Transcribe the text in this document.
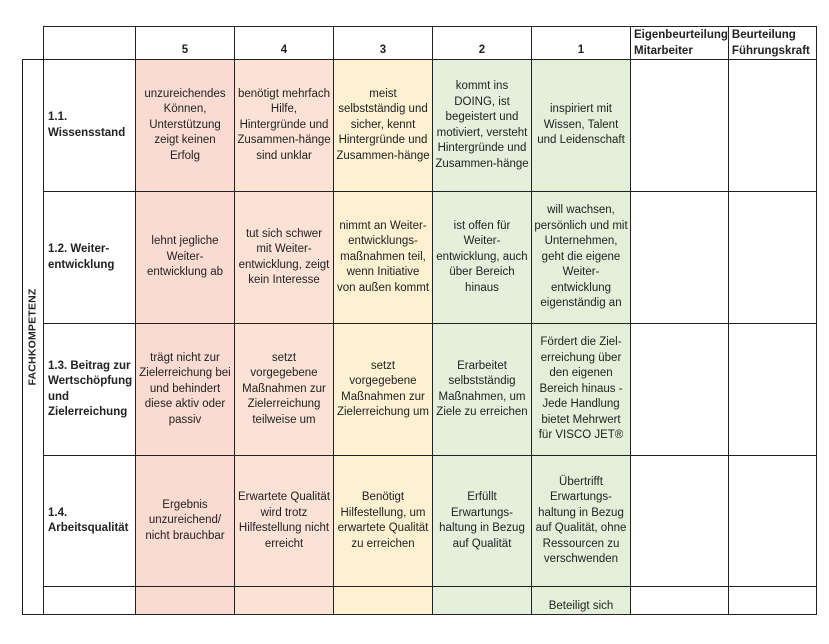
		5	4	3	2	1	Eigenbeurteilung Mitarbeiter	Beurteilung Führungskraft

FACHKOMPETENZ	1.1. Wissensstand	unzureichendes Können, Unterstützung zeigt keinen Erfolg	benötigt mehrfach Hilfe, Hintergründe und Zusammen-hänge sind unklar	meist selbstständig und sicher, kennt Hintergründe und Zusammen-hänge	kommt ins DOING, ist begeistert und motiviert, versteht Hintergründe und Zusammen-hänge	inspiriert mit Wissen, Talent und Leidenschaft		

	1.2. Weiter-entwicklung	lehnt jegliche Weiter-entwicklung ab	tut sich schwer mit Weiter-entwicklung, zeigt kein Interesse	nimmt an Weiter-entwicklungs-maßnahmen teil, wenn Initiative von außen kommt	ist offen für Weiter-entwicklung, auch über Bereich hinaus	will wachsen, persönlich und mit Unternehmen, geht die eigene Weiter-entwicklung eigenständig an		

	1.3. Beitrag zur Wertschöpfung und Zielerreichung	trägt nicht zur Zielerreichung bei und behindert diese aktiv oder passiv	setzt vorgegebene Maßnahmen zur Zielerreichung teilweise um	setzt vorgegebene Maßnahmen zur Zielerreichung um	Erarbeitet selbstständig Maßnahmen, um Ziele zu erreichen	Fördert die Ziel-erreichung über den eigenen Bereich hinaus - Jede Handlung bietet Mehrwert für VISCO JET®		

	1.4. Arbeitsqualität	Ergebnis unzureichend/ nicht brauchbar	Erwartete Qualität wird trotz Hilfestellung nicht erreicht	Benötigt Hilfestellung, um erwartete Qualität zu erreichen	Erfüllt Erwartungs-haltung in Bezug auf Qualität	Übertrifft Erwartungs-haltung in Bezug auf Qualität, ohne Ressourcen zu verschwenden		

						Beteiligt sich		
